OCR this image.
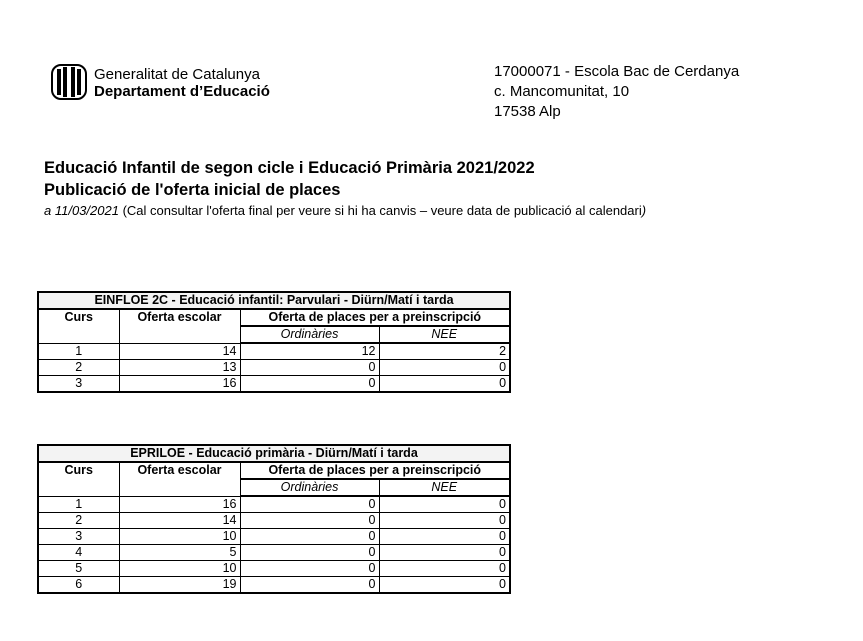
Generalitat de Catalunya
Departament d’Educació
17000071 - Escola Bac de Cerdanya
c. Mancomunitat, 10
17538 Alp
Educació Infantil de segon cicle i Educació Primària 2021/2022
Publicació de l'oferta inicial de places
a 11/03/2021 (Cal consultar l'oferta final per veure si hi ha canvis – veure data de publicació al calendari)
EINFLOE 2C - Educació infantil: Parvulari - Diürn/Matí i tarda			
Curs	Oferta escolar	Oferta de places per a preinscripció	
		Ordinàries	NEE
1	14	12	2
2	13	0	0
3	16	0	0
EPRILOE - Educació primària - Diürn/Matí i tarda			
Curs	Oferta escolar	Oferta de places per a preinscripció	
		Ordinàries	NEE
1	16	0	0
2	14	0	0
3	10	0	0
4	5	0	0
5	10	0	0
6	19	0	0
